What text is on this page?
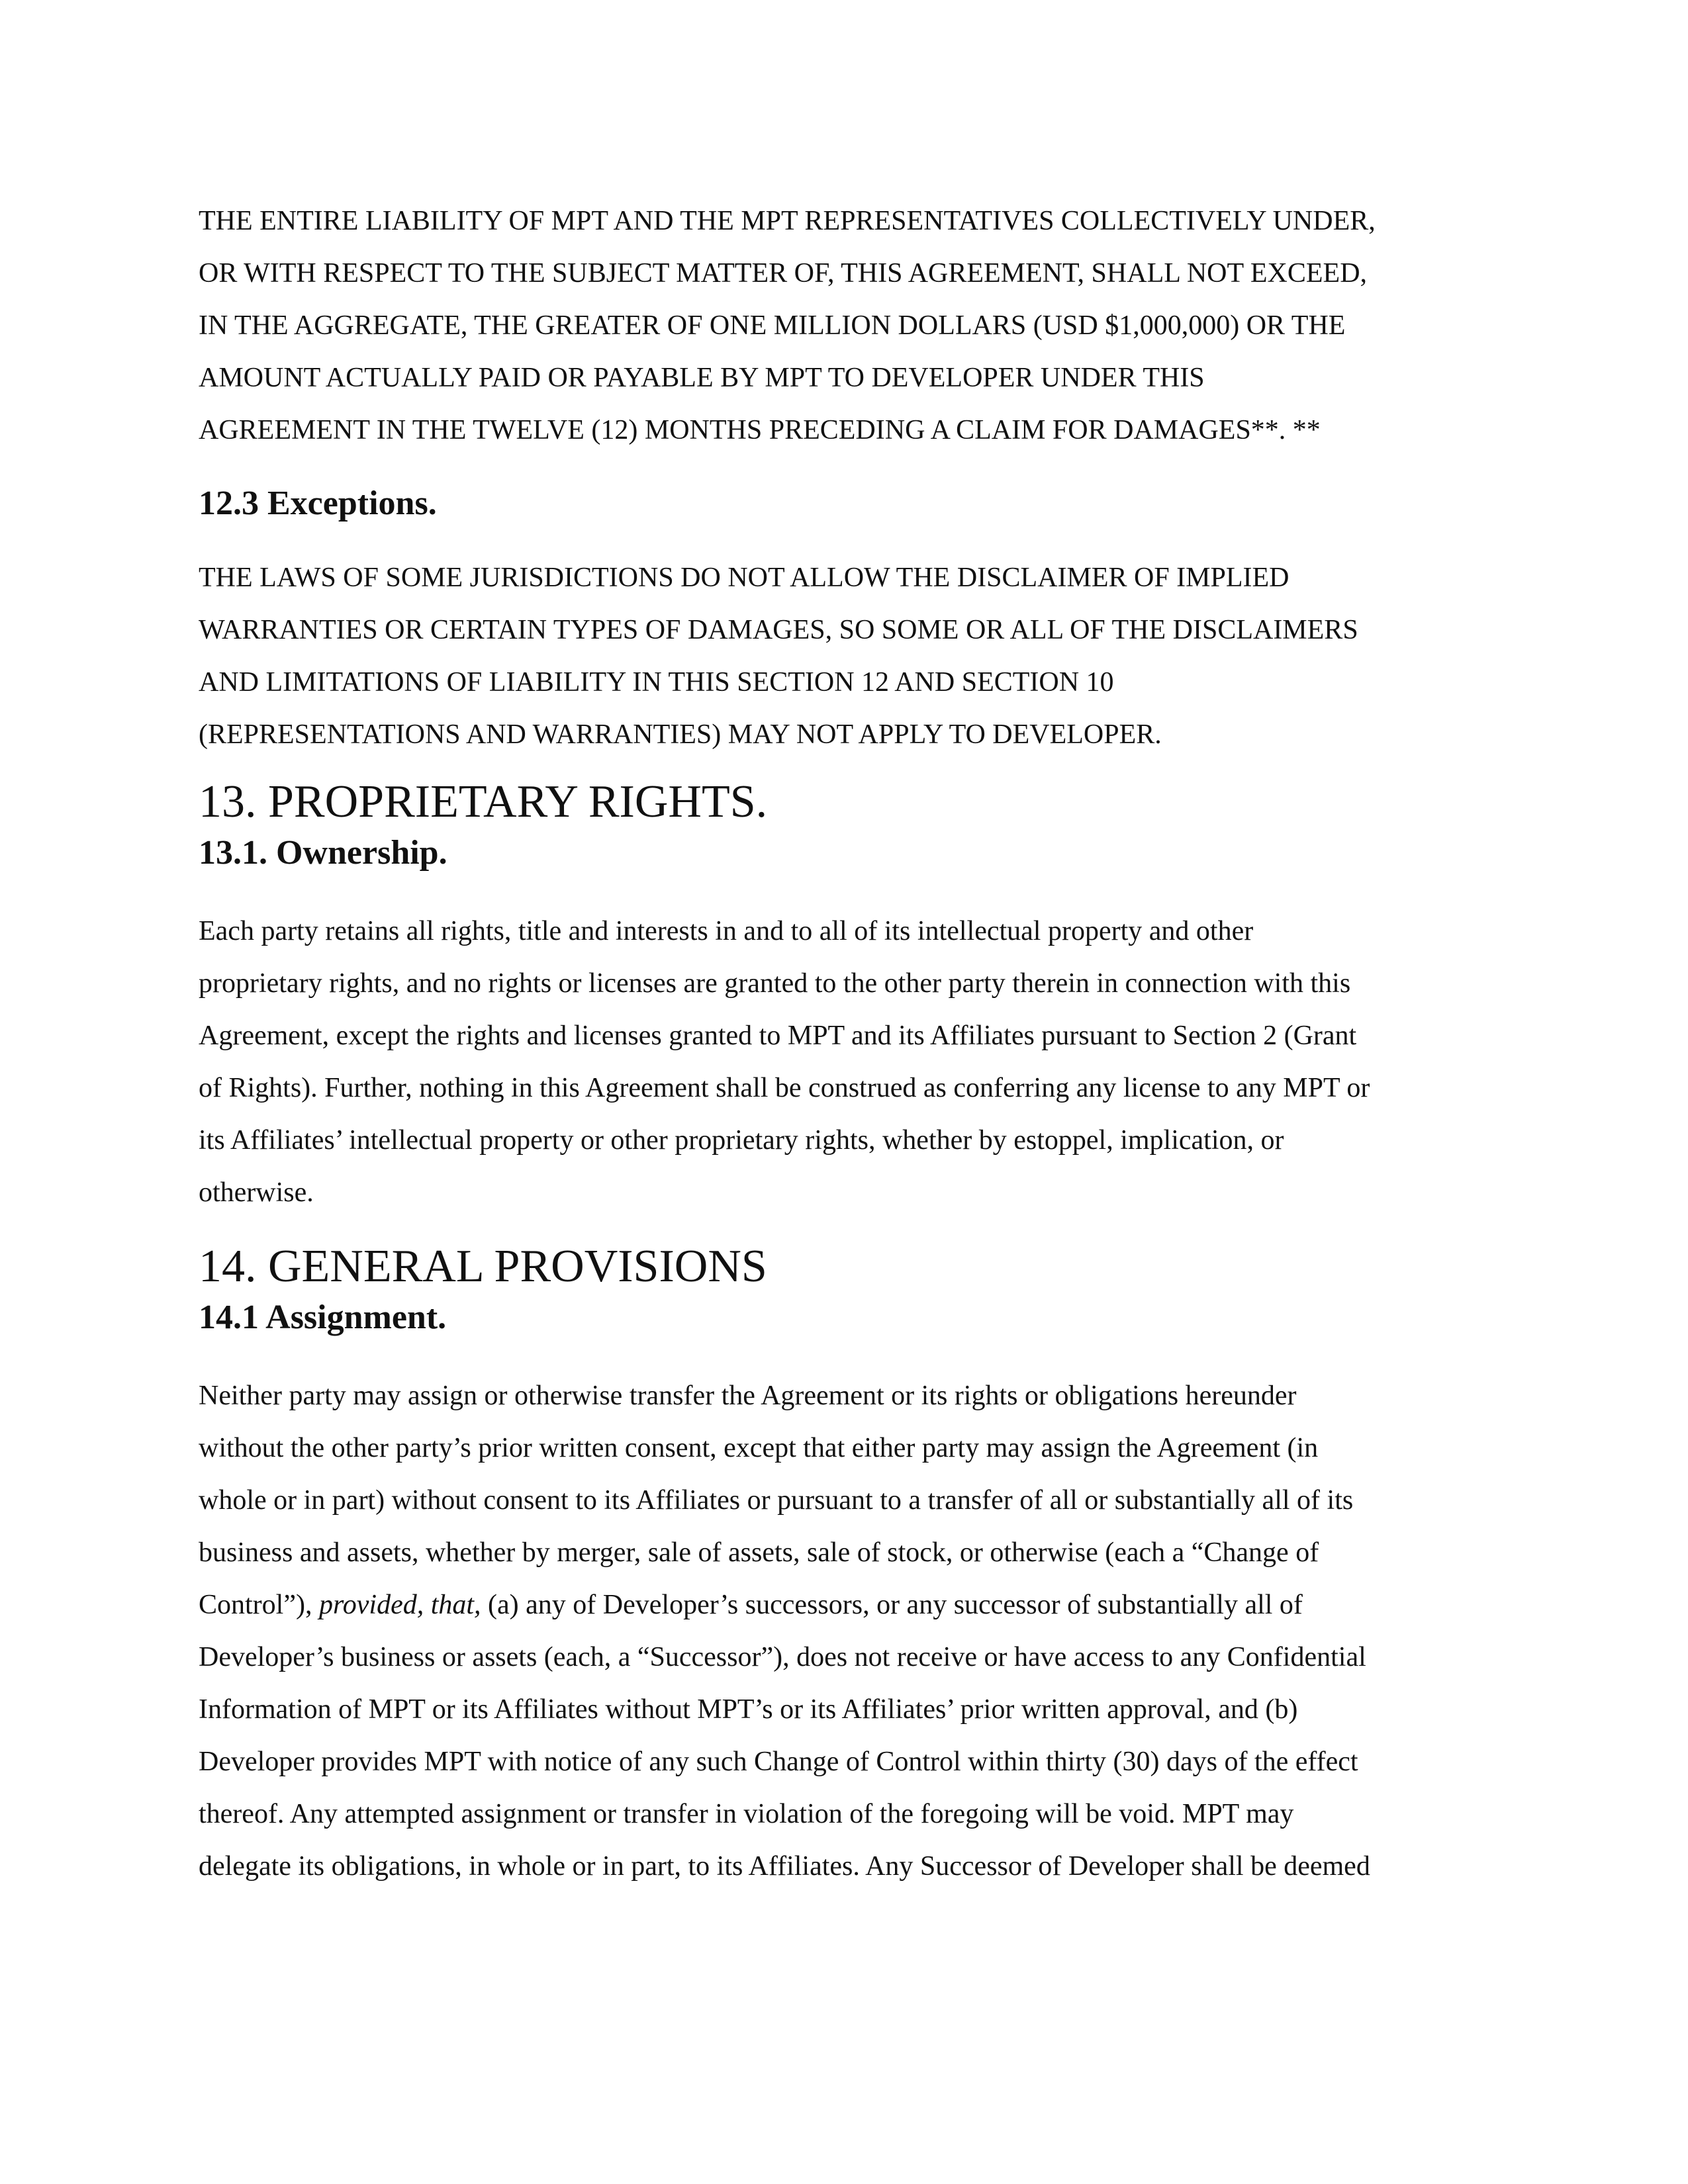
THE ENTIRE LIABILITY OF MPT AND THE MPT REPRESENTATIVES COLLECTIVELY UNDER,

OR WITH RESPECT TO THE SUBJECT MATTER OF, THIS AGREEMENT, SHALL NOT EXCEED,

IN THE AGGREGATE, THE GREATER OF ONE MILLION DOLLARS (USD $1,000,000) OR THE

AMOUNT ACTUALLY PAID OR PAYABLE BY MPT TO DEVELOPER UNDER THIS

AGREEMENT IN THE TWELVE (12) MONTHS PRECEDING A CLAIM FOR DAMAGES**. **

12.3 Exceptions.

THE LAWS OF SOME JURISDICTIONS DO NOT ALLOW THE DISCLAIMER OF IMPLIED

WARRANTIES OR CERTAIN TYPES OF DAMAGES, SO SOME OR ALL OF THE DISCLAIMERS

AND LIMITATIONS OF LIABILITY IN THIS SECTION 12 AND SECTION 10

(REPRESENTATIONS AND WARRANTIES) MAY NOT APPLY TO DEVELOPER.

13. PROPRIETARY RIGHTS.
13.1. Ownership.

Each party retains all rights, title and interests in and to all of its intellectual property and other

proprietary rights, and no rights or licenses are granted to the other party therein in connection with this

Agreement, except the rights and licenses granted to MPT and its Affiliates pursuant to Section 2 (Grant

of Rights). Further, nothing in this Agreement shall be construed as conferring any license to any MPT or

its Affiliates’ intellectual property or other proprietary rights, whether by estoppel, implication, or

otherwise.

14. GENERAL PROVISIONS
14.1 Assignment.

Neither party may assign or otherwise transfer the Agreement or its rights or obligations hereunder

without the other party’s prior written consent, except that either party may assign the Agreement (in

whole or in part) without consent to its Affiliates or pursuant to a transfer of all or substantially all of its

business and assets, whether by merger, sale of assets, sale of stock, or otherwise (each a “Change of

Control”), provided, that, (a) any of Developer’s successors, or any successor of substantially all of

Developer’s business or assets (each, a “Successor”), does not receive or have access to any Confidential

Information of MPT or its Affiliates without MPT’s or its Affiliates’ prior written approval, and (b)

Developer provides MPT with notice of any such Change of Control within thirty (30) days of the effect

thereof. Any attempted assignment or transfer in violation of the foregoing will be void. MPT may

delegate its obligations, in whole or in part, to its Affiliates. Any Successor of Developer shall be deemed
